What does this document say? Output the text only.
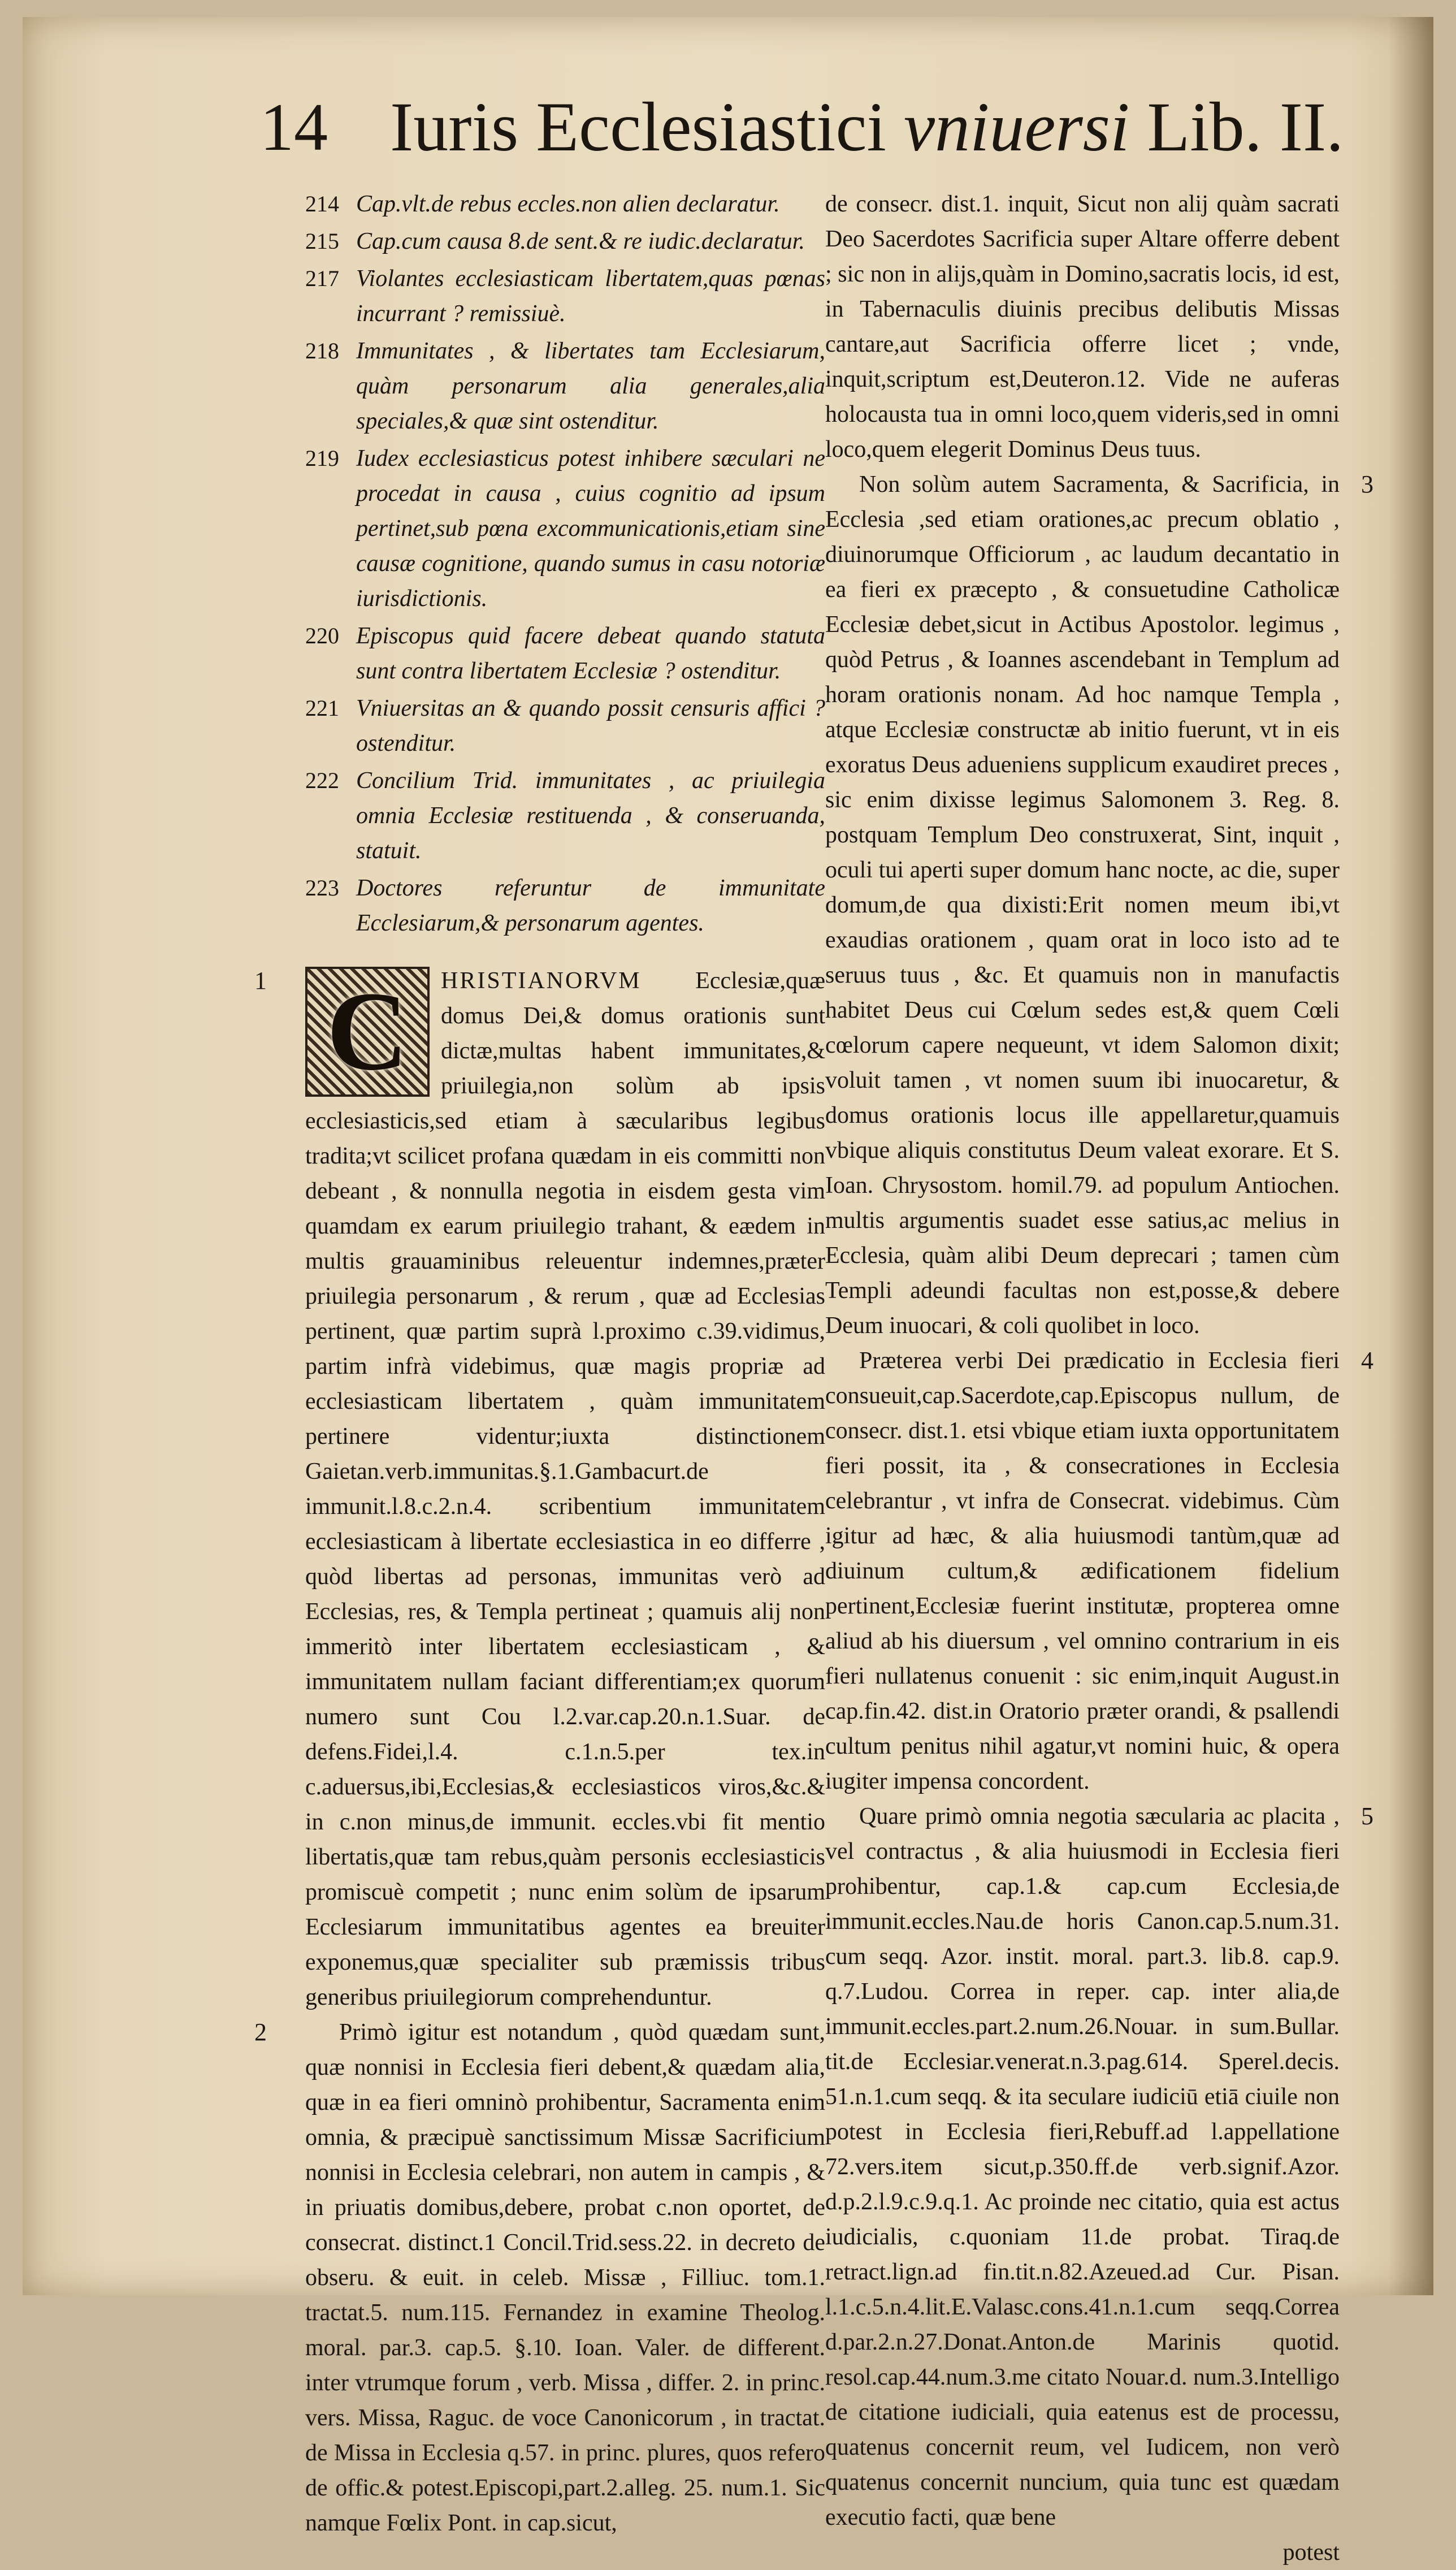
14 Iuris Ecclesiastici vniuersi Lib. II.
214 Cap.vlt.de rebus eccles.non alien declaratur.
215 Cap.cum causa 8.de sent.& re iudic.declaratur.
217 Violantes ecclesiasticam libertatem,quas pœnas incurrant ? remissiuè.
218 Immunitates , & libertates tam Ecclesiarum, quàm personarum alia generales,alia speciales,& quæ sint ostenditur.
219 Iudex ecclesiasticus potest inhibere sæculari ne procedat in causa , cuius cognitio ad ipsum pertinet,sub pœna excommunicationis,etiam sine causæ cognitione, quando sumus in casu notoriæ iurisdictionis.
220 Episcopus quid facere debeat quando statuta sunt contra libertatem Ecclesiæ ? ostenditur.
221 Vniuersitas an & quando possit censuris affici ? ostenditur.
222 Concilium Trid. immunitates , ac priuilegia omnia Ecclesiæ restituenda , & conseruanda, statuit.
223 Doctores referuntur de immunitate Ecclesiarum,& personarum agentes.
1 C	HRISTIANORVM Ecclesiæ,quæ domus Dei,& domus orationis sunt dictæ,multas habent immunitates,& priuilegia,non solùm ab ipsis ecclesiasticis,sed etiam à sæcularibus legibus tradita;vt scilicet profana quædam in eis committi non debeant , & nonnulla negotia in eisdem gesta vim quamdam ex earum priuilegio trahant, & eædem in multis grauaminibus releuentur indemnes,præter priuilegia personarum , & rerum , quæ ad Ecclesias pertinent, quæ partim suprà l.proximo c.39.vidimus, partim infrà videbimus, quæ magis propriæ ad ecclesiasticam libertatem , quàm immunitatem pertinere videntur;iuxta distinctionem Gaietan.verb.immunitas.§.1.Gambacurt.de immunit.l.8.c.2.n.4. scribentium immunitatem ecclesiasticam à libertate ecclesiastica in eo differre , quòd libertas ad personas, immunitas verò ad Ecclesias, res, & Templa pertineat ; quamuis alij non immeritò inter libertatem ecclesiasticam , & immunitatem nullam faciant differentiam;ex quorum numero sunt Cou l.2.var.cap.20.n.1.Suar. de defens.Fidei,l.4. c.1.n.5.per tex.in c.aduersus,ibi,Ecclesias,& ecclesiasticos viros,&c.& in c.non minus,de immunit. eccles.vbi fit mentio libertatis,quæ tam rebus,quàm personis ecclesiasticis promiscuè competit ; nunc enim solùm de ipsarum Ecclesiarum immunitatibus agentes ea breuiter exponemus,quæ specialiter sub præmissis tribus generibus priuilegiorum comprehenduntur.

2	Primò igitur est notandum , quòd quædam sunt, quæ nonnisi in Ecclesia fieri debent,& quædam alia, quæ in ea fieri omninò prohibentur, Sacramenta enim omnia, & præcipuè sanctissimum Missæ Sacrificium nonnisi in Ecclesia celebrari, non autem in campis , & in priuatis domibus,debere, probat c.non oportet, de consecrat. distinct.1 Concil.Trid.sess.22. in decreto de obseru. & euit. in celeb. Missæ , Filliuc. tom.1. tractat.5. num.115. Fernandez in examine Theolog. moral. par.3. cap.5. §.10. Ioan. Valer. de different. inter vtrumque forum , verb. Missa , differ. 2. in princ. vers. Missa, Raguc. de voce Canonicorum , in tractat. de Missa in Ecclesia q.57. in princ. plures, quos refero de offic.& potest.Episcopi,part.2.alleg. 25. num.1. Sic namque Fœlix Pont. in cap.sicut,

de consecr. dist.1. inquit, Sicut non alij quàm sacrati Deo Sacerdotes Sacrificia super Altare offerre debent ; sic non in alijs,quàm in Domino,sacratis locis, id est, in Tabernaculis diuinis precibus delibutis Missas cantare,aut Sacrificia offerre licet ; vnde, inquit,scriptum est,Deuteron.12. Vide ne auferas holocausta tua in omni loco,quem videris,sed in omni loco,quem elegerit Dominus Deus tuus.

3

Non solùm autem Sacramenta, & Sacrificia, in Ecclesia ,sed etiam orationes,ac precum oblatio , diuinorumque Officiorum , ac laudum decantatio in ea fieri ex præcepto , & consuetudine Catholicæ Ecclesiæ debet,sicut in Actibus Apostolor. legimus , quòd Petrus , & Ioannes ascendebant in Templum ad horam orationis nonam. Ad hoc namque Templa , atque Ecclesiæ constructæ ab initio fuerunt, vt in eis exoratus Deus adueniens supplicum exaudiret preces , sic enim dixisse legimus Salomonem 3. Reg. 8. postquam Templum Deo construxerat, Sint, inquit , oculi tui aperti super domum hanc nocte, ac die, super domum,de qua dixisti:Erit nomen meum ibi,vt exaudias orationem , quam orat in loco isto ad te seruus tuus , &c. Et quamuis non in manufactis habitet Deus cui Cœlum sedes est,& quem Cœli cœlorum capere nequeunt, vt idem Salomon dixit; voluit tamen , vt nomen suum ibi inuocaretur, & domus orationis locus ille appellaretur,quamuis vbique aliquis constitutus Deum valeat exorare. Et S. Ioan. Chrysostom. homil.79. ad populum Antiochen. multis argumentis suadet esse satius,ac melius in Ecclesia, quàm alibi Deum deprecari ; tamen cùm Templi adeundi facultas non est,posse,& debere Deum inuocari, & coli quolibet in loco.

4

Præterea verbi Dei prædicatio in Ecclesia fieri consueuit,cap.Sacerdote,cap.Episcopus nullum, de consecr. dist.1. etsi vbique etiam iuxta opportunitatem fieri possit, ita , & consecrationes in Ecclesia celebrantur , vt infra de Consecrat. videbimus. Cùm igitur ad hæc, & alia huiusmodi tantùm,quæ ad diuinum cultum,& ædificationem fidelium pertinent,Ecclesiæ fuerint institutæ, propterea omne aliud ab his diuersum , vel omnino contrarium in eis fieri nullatenus conuenit : sic enim,inquit August.in cap.fin.42. dist.in Oratorio præter orandi, & psallendi cultum penitus nihil agatur,vt nomini huic, & opera iugiter impensa concordent.

5

Quare primò omnia negotia sæcularia ac placita , vel contractus , & alia huiusmodi in Ecclesia fieri prohibentur, cap.1.& cap.cum Ecclesia,de immunit.eccles.Nau.de horis Canon.cap.5.num.31. cum seqq. Azor. instit. moral. part.3. lib.8. cap.9. q.7.Ludou. Correa in reper. cap. inter alia,de immunit.eccles.part.2.num.26.Nouar. in sum.Bullar. tit.de Ecclesiar.venerat.n.3.pag.614. Sperel.decis. 51.n.1.cum seqq. & ita seculare iudiciū etiā ciuile non potest in Ecclesia fieri,Rebuff.ad l.appellatione 72.vers.item sicut,p.350.ff.de verb.signif.Azor. d.p.2.l.9.c.9.q.1. Ac proinde nec citatio, quia est actus iudicialis, c.quoniam 11.de probat. Tiraq.de retract.lign.ad fin.tit.n.82.Azeued.ad Cur. Pisan. l.1.c.5.n.4.lit.E.Valasc.cons.41.n.1.cum seqq.Correa d.par.2.n.27.Donat.Anton.de Marinis quotid. resol.cap.44.num.3.me citato Nouar.d. num.3.Intelligo de citatione iudiciali, quia eatenus est de processu, quatenus concernit reum, vel Iudicem, non verò quatenus concernit nuncium, quia tunc est quædam executio facti, quæ bene

potest
